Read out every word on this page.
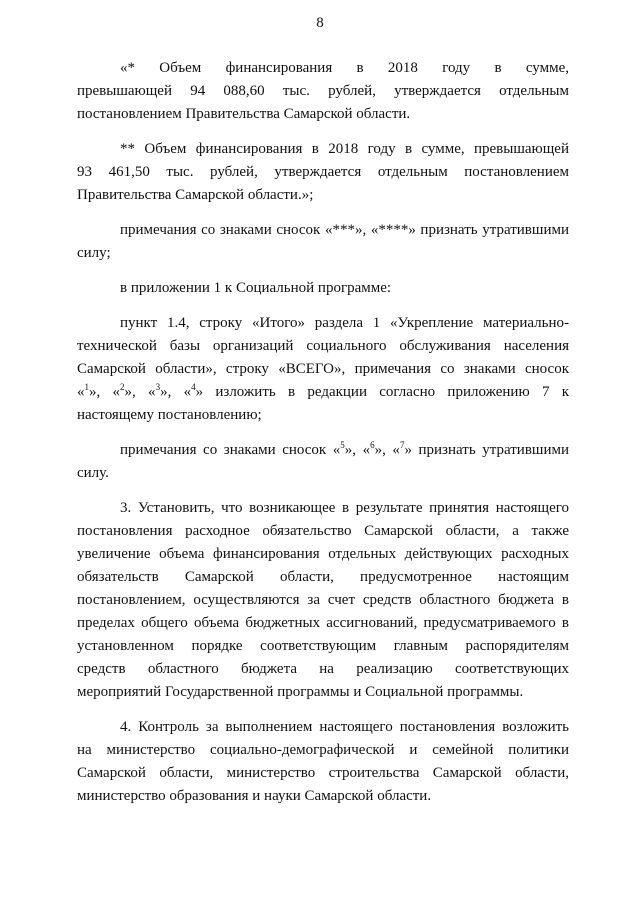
8
«* Объем финансирования в 2018 году в сумме,
превышающей 94 088,60 тыс. рублей, утверждается отдельным
постановлением Правительства Самарской области.
** Объем финансирования в 2018 году в сумме, превышающей
93 461,50 тыс. рублей, утверждается отдельным постановлением
Правительства Самарской области.»;
примечания со знаками сносок «***», «****» признать утратившими
силу;
в приложении 1 к Социальной программе:
пункт 1.4, строку «Итого» раздела 1 «Укрепление материально-
технической базы организаций социального обслуживания населения
Самарской области», строку «ВСЕГО», примечания со знаками сносок
«$^1$», «$^2$», «$^3$», «$^4$» изложить в редакции согласно приложению 7 к
настоящему постановлению;
примечания со знаками сносок «$^5$», «$^6$», «$^7$» признать утратившими
силу.
3. Установить, что возникающее в результате принятия настоящего
постановления расходное обязательство Самарской области, а также
увеличение объема финансирования отдельных действующих расходных
обязательств Самарской области, предусмотренное настоящим
постановлением, осуществляются за счет средств областного бюджета в
пределах общего объема бюджетных ассигнований, предусматриваемого в
установленном порядке соответствующим главным распорядителям
средств областного бюджета на реализацию соответствующих
мероприятий Государственной программы и Социальной программы.
4. Контроль за выполнением настоящего постановления возложить
на министерство социально-демографической и семейной политики
Самарской области, министерство строительства Самарской области,
министерство образования и науки Самарской области.
